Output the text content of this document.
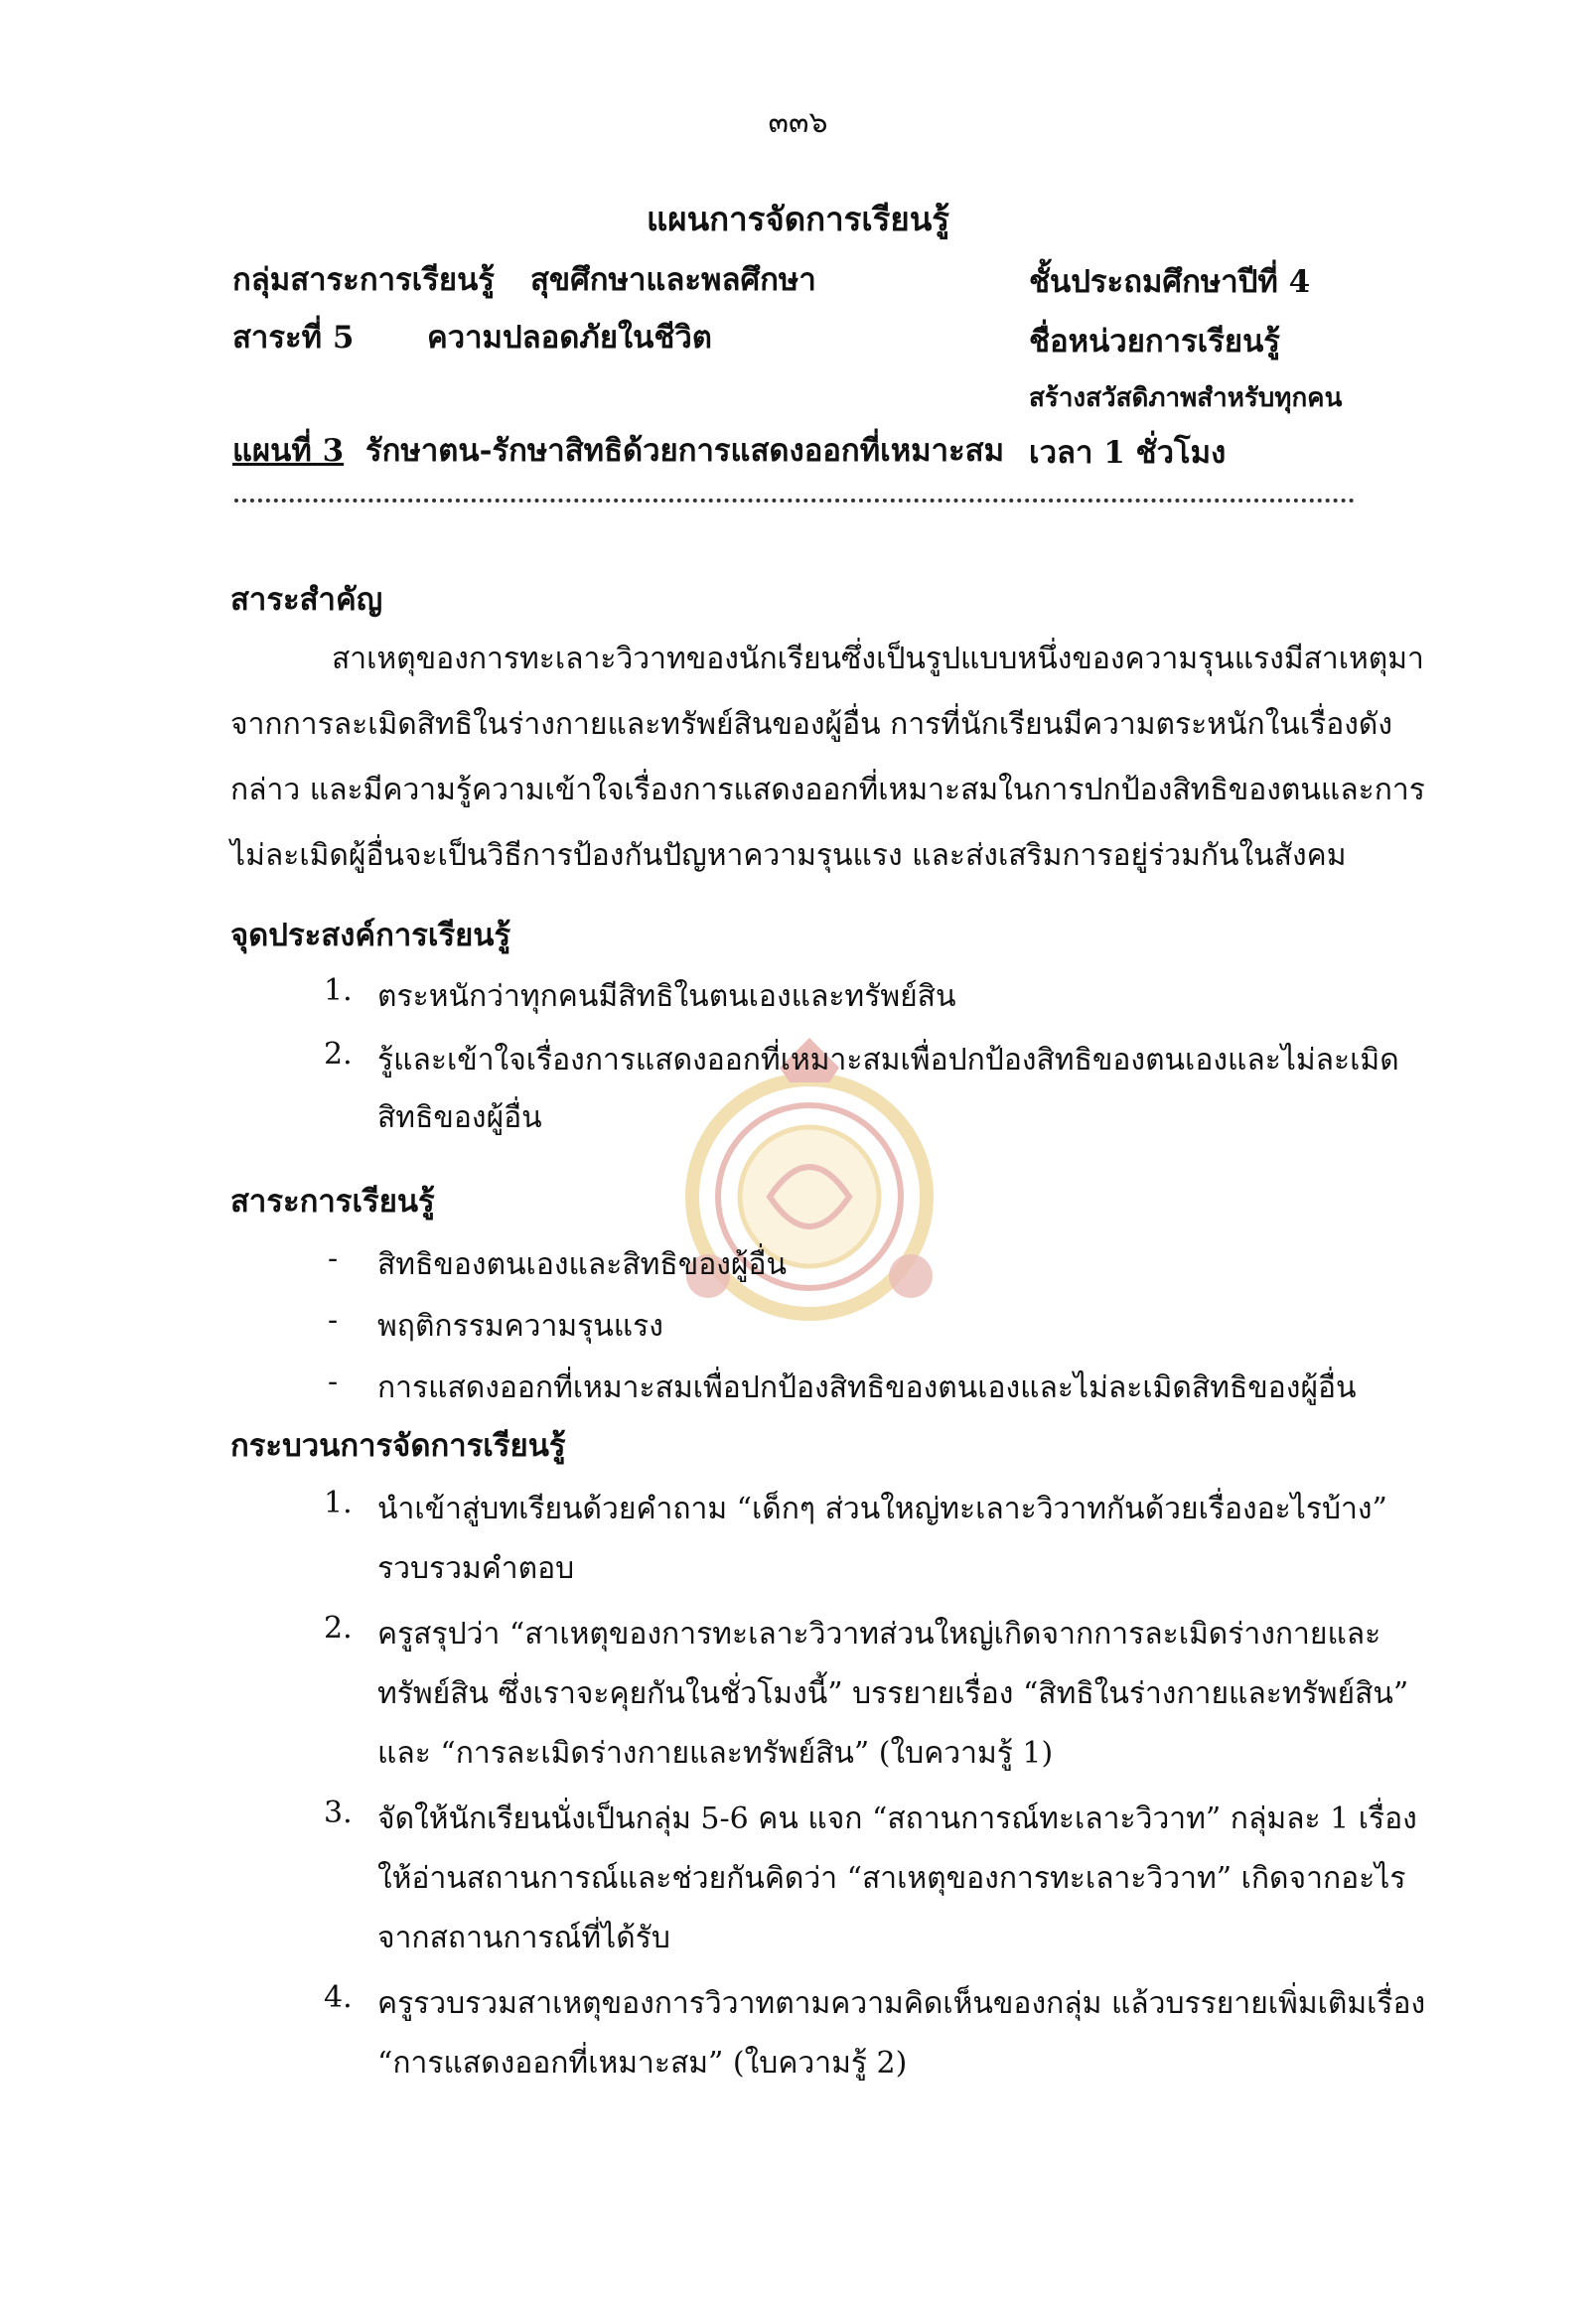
๓๓๖
แผนการจัดการเรียนรู้
กลุ่มสาระการเรียนรู้ สุขศึกษาและพลศึกษา	ชั้นประถมศึกษาปีที่ 4
สาระที่ 5 ความปลอดภัยในชีวิต	ชื่อหน่วยการเรียนรู้
สร้างสวัสดิภาพสำหรับทุกคน
แผนที่ 3 รักษาตน-รักษาสิทธิด้วยการแสดงออกที่เหมาะสม เวลา 1 ชั่วโมง
สาระสำคัญ
สาเหตุของการทะเลาะวิวาทของนักเรียนซึ่งเป็นรูปแบบหนึ่งของความรุนแรงมีสาเหตุมา
จากการละเมิดสิทธิในร่างกายและทรัพย์สินของผู้อื่น การที่นักเรียนมีความตระหนักในเรื่องดัง
กล่าว และมีความรู้ความเข้าใจเรื่องการแสดงออกที่เหมาะสมในการปกป้องสิทธิของตนและการ
ไม่ละเมิดผู้อื่นจะเป็นวิธีการป้องกันปัญหาความรุนแรง และส่งเสริมการอยู่ร่วมกันในสังคม
จุดประสงค์การเรียนรู้
1. ตระหนักว่าทุกคนมีสิทธิในตนเองและทรัพย์สิน
2. รู้และเข้าใจเรื่องการแสดงออกที่เหมาะสมเพื่อปกป้องสิทธิของตนเองและไม่ละเมิด
สิทธิของผู้อื่น
สาระการเรียนรู้
- สิทธิของตนเองและสิทธิของผู้อื่น
- พฤติกรรมความรุนแรง
- การแสดงออกที่เหมาะสมเพื่อปกป้องสิทธิของตนเองและไม่ละเมิดสิทธิของผู้อื่น
กระบวนการจัดการเรียนรู้
1. นำเข้าสู่บทเรียนด้วยคำถาม “เด็กๆ ส่วนใหญ่ทะเลาะวิวาทกันด้วยเรื่องอะไรบ้าง”
รวบรวมคำตอบ
2. ครูสรุปว่า “สาเหตุของการทะเลาะวิวาทส่วนใหญ่เกิดจากการละเมิดร่างกายและ
ทรัพย์สิน ซึ่งเราจะคุยกันในชั่วโมงนี้” บรรยายเรื่อง “สิทธิในร่างกายและทรัพย์สิน”
และ “การละเมิดร่างกายและทรัพย์สิน” (ใบความรู้ 1)
3. จัดให้นักเรียนนั่งเป็นกลุ่ม 5-6 คน แจก “สถานการณ์ทะเลาะวิวาท” กลุ่มละ 1 เรื่อง
ให้อ่านสถานการณ์และช่วยกันคิดว่า “สาเหตุของการทะเลาะวิวาท” เกิดจากอะไร
จากสถานการณ์ที่ได้รับ
4. ครูรวบรวมสาเหตุของการวิวาทตามความคิดเห็นของกลุ่ม แล้วบรรยายเพิ่มเติมเรื่อง
“การแสดงออกที่เหมาะสม” (ใบความรู้ 2)
